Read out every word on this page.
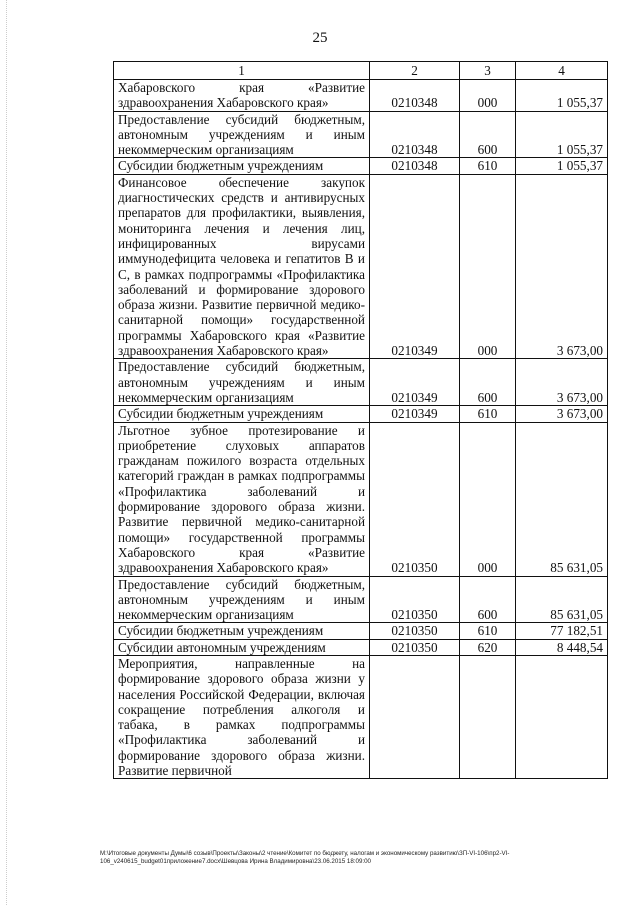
25
1	2	3	4
Хабаровского края «Развитие здравоохранения Хабаровского края»	0210348	000	1 055,37
Предоставление субсидий бюджетным, автономным учреждениям и иным некоммерческим организациям	0210348	600	1 055,37
Субсидии бюджетным учреждениям	0210348	610	1 055,37
Финансовое обеспечение закупок диагностических средств и антивирусных препаратов для профилактики, выявления, мониторинга лечения и лечения лиц, инфицированных вирусами иммунодефицита человека и гепатитов В и С, в рамках подпрограммы «Профилактика заболеваний и формирование здорового образа жизни. Развитие первичной медико-санитарной помощи» государственной программы Хабаровского края «Развитие здравоохранения Хабаровского края»	0210349	000	3 673,00
Предоставление субсидий бюджетным, автономным учреждениям и иным некоммерческим организациям	0210349	600	3 673,00
Субсидии бюджетным учреждениям	0210349	610	3 673,00
Льготное зубное протезирование и приобретение слуховых аппаратов гражданам пожилого возраста отдельных категорий граждан в рамках подпрограммы «Профилактика заболеваний и формирование здорового образа жизни. Развитие первичной медико-санитарной помощи» государственной программы Хабаровского края «Развитие здравоохранения Хабаровского края»	0210350	000	85 631,05
Предоставление субсидий бюджетным, автономным учреждениям и иным некоммерческим организациям	0210350	600	85 631,05
Субсидии бюджетным учреждениям	0210350	610	77 182,51
Субсидии автономным учреждениям	0210350	620	8 448,54
Мероприятия, направленные на формирование здорового образа жизни у населения Российской Федерации, включая сокращение потребления алкоголя и табака, в рамках подпрограммы «Профилактика заболеваний и формирование здорового образа жизни. Развитие первичной			
M:\Итоговые документы Думы\6 созыв\Проекты\Законы\2 чтение\Комитет по бюджету, налогам и экономическому развитию\ЗП-VI-106\пр2-VI-106_v240615_budget01приложение7.docx\Шевцова Ирина Владимировна\23.06.2015 18:09:00
